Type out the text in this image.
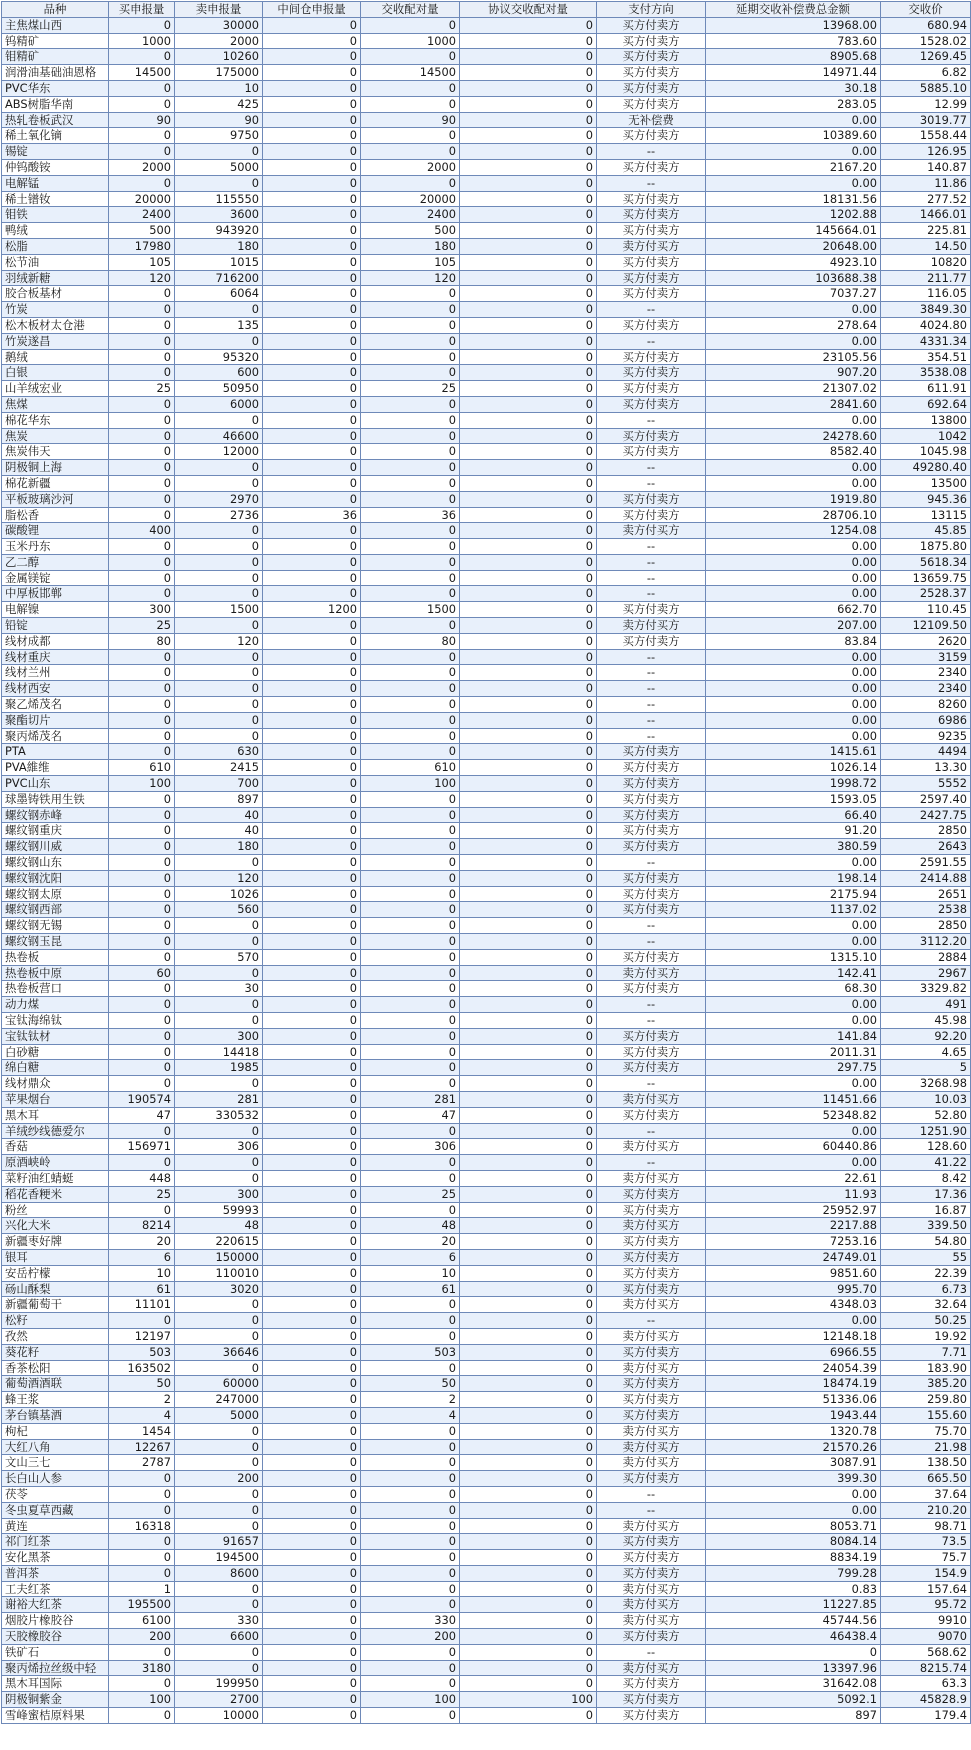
品种	买申报量	卖申报量	中间仓申报量	交收配对量	协议交收配对量	支付方向	延期交收补偿费总金额	交收价
主焦煤山西	0	30000	0	0	0	买方付卖方	13968.00	680.94
钨精矿	1000	2000	0	1000	0	买方付卖方	783.60	1528.02
钼精矿	0	10260	0	0	0	买方付卖方	8905.68	1269.45
润滑油基础油恩格	14500	175000	0	14500	0	买方付卖方	14971.44	6.82
PVC华东	0	10	0	0	0	买方付卖方	30.18	5885.10
ABS树脂华南	0	425	0	0	0	买方付卖方	283.05	12.99
热轧卷板武汉	90	90	0	90	0	无补偿费	0.00	3019.77
稀土氧化镝	0	9750	0	0	0	买方付卖方	10389.60	1558.44
锡锭	0	0	0	0	0	--	0.00	126.95
仲钨酸铵	2000	5000	0	2000	0	买方付卖方	2167.20	140.87
电解锰	0	0	0	0	0	--	0.00	11.86
稀土镨钕	20000	115550	0	20000	0	买方付卖方	18131.56	277.52
钼铁	2400	3600	0	2400	0	买方付卖方	1202.88	1466.01
鸭绒	500	943920	0	500	0	买方付卖方	145664.01	225.81
松脂	17980	180	0	180	0	卖方付买方	20648.00	14.50
松节油	105	1015	0	105	0	买方付卖方	4923.10	10820
羽绒新糖	120	716200	0	120	0	买方付卖方	103688.38	211.77
胶合板基材	0	6064	0	0	0	买方付卖方	7037.27	116.05
竹炭	0	0	0	0	0	--	0.00	3849.30
松木板材太仓港	0	135	0	0	0	买方付卖方	278.64	4024.80
竹炭遂昌	0	0	0	0	0	--	0.00	4331.34
鹅绒	0	95320	0	0	0	买方付卖方	23105.56	354.51
白银	0	600	0	0	0	买方付卖方	907.20	3538.08
山羊绒宏业	25	50950	0	25	0	买方付卖方	21307.02	611.91
焦煤	0	6000	0	0	0	买方付卖方	2841.60	692.64
棉花华东	0	0	0	0	0	--	0.00	13800
焦炭	0	46600	0	0	0	买方付卖方	24278.60	1042
焦炭伟天	0	12000	0	0	0	买方付卖方	8582.40	1045.98
阴极铜上海	0	0	0	0	0	--	0.00	49280.40
棉花新疆	0	0	0	0	0	--	0.00	13500
平板玻璃沙河	0	2970	0	0	0	买方付卖方	1919.80	945.36
脂松香	0	2736	36	36	0	买方付卖方	28706.10	13115
碳酸锂	400	0	0	0	0	卖方付买方	1254.08	45.85
玉米丹东	0	0	0	0	0	--	0.00	1875.80
乙二醇	0	0	0	0	0	--	0.00	5618.34
金属镁锭	0	0	0	0	0	--	0.00	13659.75
中厚板邯郸	0	0	0	0	0	--	0.00	2528.37
电解镍	300	1500	1200	1500	0	买方付卖方	662.70	110.45
铅锭	25	0	0	0	0	卖方付买方	207.00	12109.50
线材成都	80	120	0	80	0	买方付卖方	83.84	2620
线材重庆	0	0	0	0	0	--	0.00	3159
线材兰州	0	0	0	0	0	--	0.00	2340
线材西安	0	0	0	0	0	--	0.00	2340
聚乙烯茂名	0	0	0	0	0	--	0.00	8260
聚酯切片	0	0	0	0	0	--	0.00	6986
聚丙烯茂名	0	0	0	0	0	--	0.00	9235
PTA	0	630	0	0	0	买方付卖方	1415.61	4494
PVA維维	610	2415	0	610	0	买方付卖方	1026.14	13.30
PVC山东	100	700	0	100	0	买方付卖方	1998.72	5552
球墨铸铁用生铁	0	897	0	0	0	买方付卖方	1593.05	2597.40
螺纹钢赤峰	0	40	0	0	0	买方付卖方	66.40	2427.75
螺纹钢重庆	0	40	0	0	0	买方付卖方	91.20	2850
螺纹钢川威	0	180	0	0	0	买方付卖方	380.59	2643
螺纹钢山东	0	0	0	0	0	--	0.00	2591.55
螺纹钢沈阳	0	120	0	0	0	买方付卖方	198.14	2414.88
螺纹钢太原	0	1026	0	0	0	买方付卖方	2175.94	2651
螺纹钢西部	0	560	0	0	0	买方付卖方	1137.02	2538
螺纹钢无锡	0	0	0	0	0	--	0.00	2850
螺纹钢玉昆	0	0	0	0	0	--	0.00	3112.20
热卷板	0	570	0	0	0	买方付卖方	1315.10	2884
热卷板中原	60	0	0	0	0	卖方付买方	142.41	2967
热卷板营口	0	30	0	0	0	买方付卖方	68.30	3329.82
动力煤	0	0	0	0	0	--	0.00	491
宝钛海绵钛	0	0	0	0	0	--	0.00	45.98
宝钛钛材	0	300	0	0	0	买方付卖方	141.84	92.20
白砂糖	0	14418	0	0	0	买方付卖方	2011.31	4.65
绵白糖	0	1985	0	0	0	买方付卖方	297.75	5
线材鼎众	0	0	0	0	0	--	0.00	3268.98
苹果烟台	190574	281	0	281	0	卖方付买方	11451.66	10.03
黑木耳	47	330532	0	47	0	买方付卖方	52348.82	52.80
羊绒纱线德爱尔	0	0	0	0	0	--	0.00	1251.90
香菇	156971	306	0	306	0	卖方付买方	60440.86	128.60
原酒峡岭	0	0	0	0	0	--	0.00	41.22
菜籽油红蜻蜓	448	0	0	0	0	卖方付买方	22.61	8.42
稻花香粳米	25	300	0	25	0	买方付卖方	11.93	17.36
粉丝	0	59993	0	0	0	买方付卖方	25952.97	16.87
兴化大米	8214	48	0	48	0	卖方付买方	2217.88	339.50
新疆枣好牌	20	220615	0	20	0	买方付卖方	7253.16	54.80
银耳	6	150000	0	6	0	买方付卖方	24749.01	55
安岳柠檬	10	110010	0	10	0	买方付卖方	9851.60	22.39
砀山酥梨	61	3020	0	61	0	买方付卖方	995.70	6.73
新疆葡萄干	11101	0	0	0	0	卖方付买方	4348.03	32.64
松籽	0	0	0	0	0	--	0.00	50.25
孜然	12197	0	0	0	0	卖方付买方	12148.18	19.92
葵花籽	503	36646	0	503	0	买方付卖方	6966.55	7.71
香茶松阳	163502	0	0	0	0	卖方付买方	24054.39	183.90
葡萄酒酒联	50	60000	0	50	0	买方付卖方	18474.19	385.20
蜂王浆	2	247000	0	2	0	买方付卖方	51336.06	259.80
茅台镇基酒	4	5000	0	4	0	买方付卖方	1943.44	155.60
枸杞	1454	0	0	0	0	卖方付买方	1320.78	75.70
大红八角	12267	0	0	0	0	卖方付买方	21570.26	21.98
文山三七	2787	0	0	0	0	卖方付买方	3087.91	138.50
长白山人参	0	200	0	0	0	买方付卖方	399.30	665.50
茯苓	0	0	0	0	0	--	0.00	37.64
冬虫夏草西藏	0	0	0	0	0	--	0.00	210.20
黄连	16318	0	0	0	0	卖方付买方	8053.71	98.71
祁门红茶	0	91657	0	0	0	买方付卖方	8084.14	73.5
安化黑茶	0	194500	0	0	0	买方付卖方	8834.19	75.7
普洱茶	0	8600	0	0	0	买方付卖方	799.28	154.9
工夫红茶	1	0	0	0	0	卖方付买方	0.83	157.64
谢裕大红茶	195500	0	0	0	0	卖方付买方	11227.85	95.72
烟胶片橡胶谷	6100	330	0	330	0	卖方付买方	45744.56	9910
天胶橡胶谷	200	6600	0	200	0	买方付卖方	46438.4	9070
铁矿石	0	0	0	0	0	--	0	568.62
聚丙烯拉丝级中轻	3180	0	0	0	0	卖方付买方	13397.96	8215.74
黑木耳国际	0	199950	0	0	0	买方付卖方	31642.08	63.3
阴极铜紫金	100	2700	0	100	100	买方付卖方	5092.1	45828.9
雪峰蜜桔原料果	0	10000	0	0	0	买方付卖方	897	179.4
